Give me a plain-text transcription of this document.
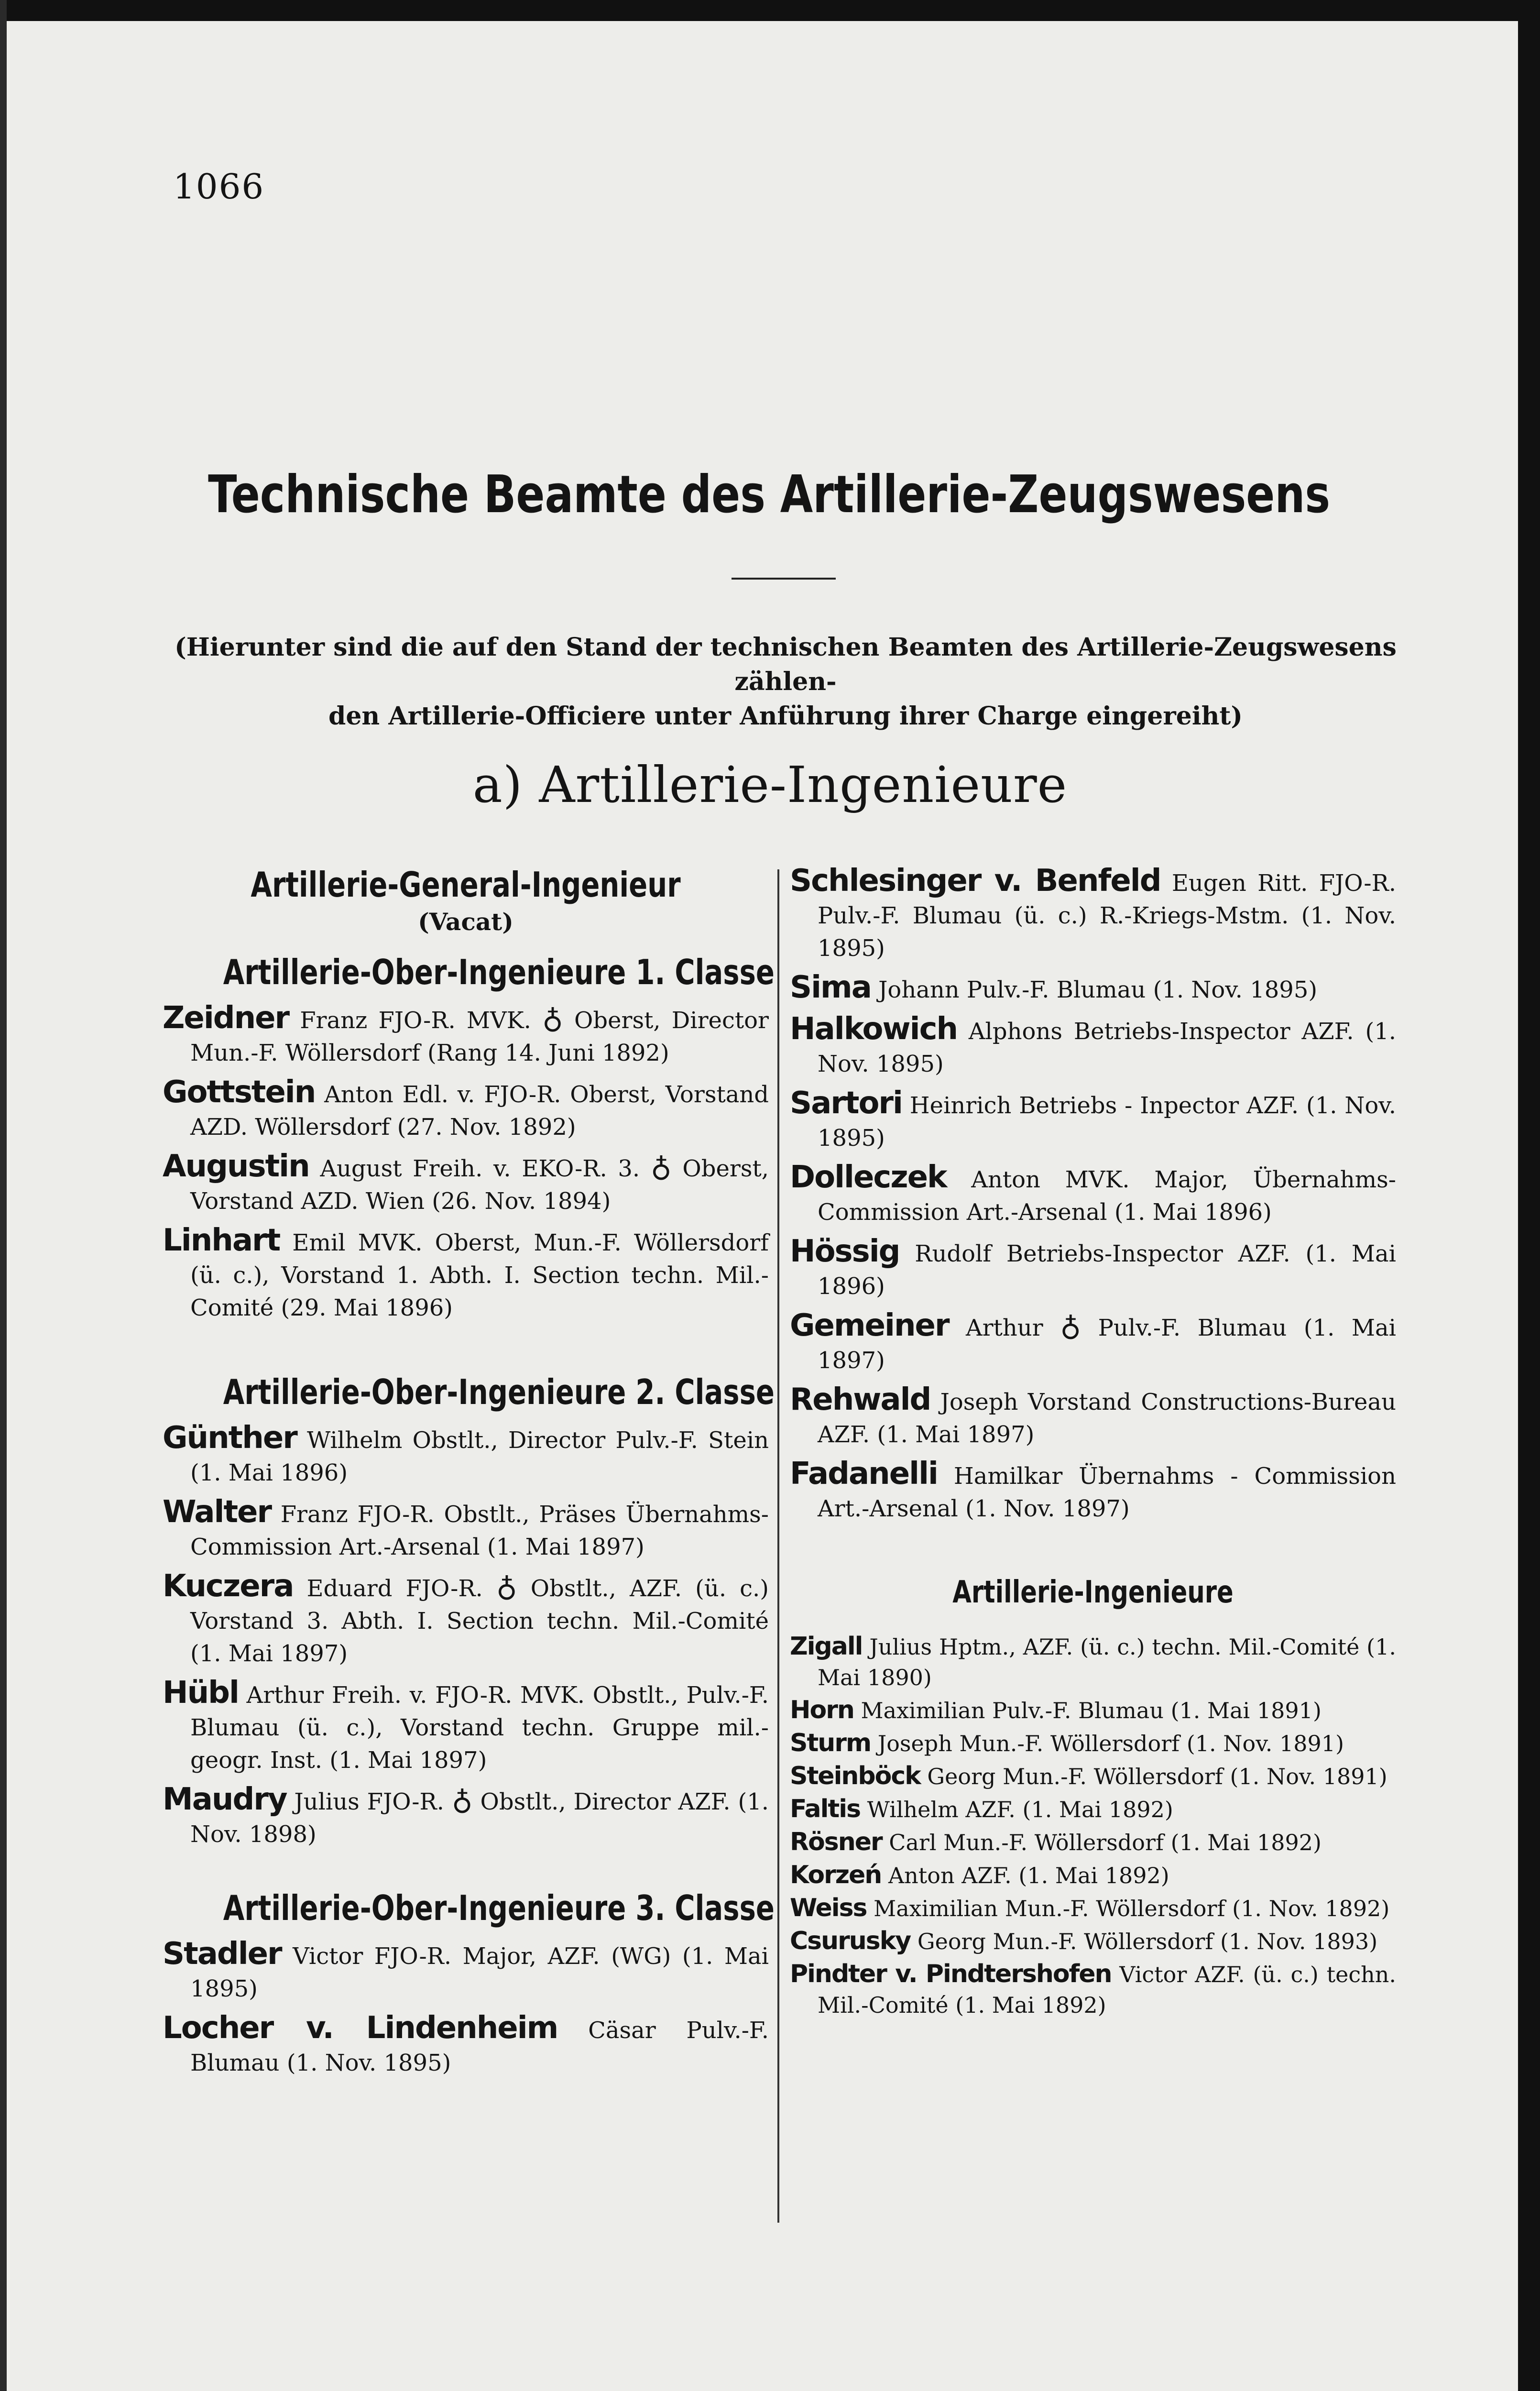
1066
Technische Beamte des Artillerie-Zeugswesens
(Hierunter sind die auf den Stand der technischen Beamten des Artillerie-Zeugswesens zählen-
den Artillerie-Officiere unter Anführung ihrer Charge eingereiht)
a) Artillerie-Ingenieure
Artillerie-General-Ingenieur
(Vacat)
Artillerie-Ober-Ingenieure 1. Classe

Zeidner Franz FJO-R. MVK. ♁ Oberst, Director Mun.-F. Wöllersdorf (Rang 14. Juni 1892)

Gottstein Anton Edl. v. FJO-R. Oberst, Vorstand AZD. Wöllersdorf (27. Nov. 1892)

Augustin August Freih. v. EKO-R. 3. ♁ Oberst, Vorstand AZD. Wien (26. Nov. 1894)

Linhart Emil MVK. Oberst, Mun.-F. Wöllersdorf (ü. c.), Vorstand 1. Abth. I. Section techn. Mil.-Comité (29. Mai 1896)

Artillerie-Ober-Ingenieure 2. Classe

Günther Wilhelm Obstlt., Director Pulv.-F. Stein (1. Mai 1896)

Walter Franz FJO-R. Obstlt., Präses Übernahms-Commission Art.-Arsenal (1. Mai 1897)

Kuczera Eduard FJO-R. ♁ Obstlt., AZF. (ü. c.) Vorstand 3. Abth. I. Section techn. Mil.-Comité (1. Mai 1897)

Hübl Arthur Freih. v. FJO-R. MVK. Obstlt., Pulv.-F. Blumau (ü. c.), Vorstand techn. Gruppe mil.-geogr. Inst. (1. Mai 1897)

Maudry Julius FJO-R. ♁ Obstlt., Director AZF. (1. Nov. 1898)

Artillerie-Ober-Ingenieure 3. Classe

Stadler Victor FJO-R. Major, AZF. (WG) (1. Mai 1895)

Locher v. Lindenheim Cäsar Pulv.-F. Blumau (1. Nov. 1895)

Schlesinger v. Benfeld Eugen Ritt. FJO-R. Pulv.-F. Blumau (ü. c.) R.-Kriegs-Mstm. (1. Nov. 1895)

Sima Johann Pulv.-F. Blumau (1. Nov. 1895)

Halkowich Alphons Betriebs-Inspector AZF. (1. Nov. 1895)

Sartori Heinrich Betriebs - Inpector AZF. (1. Nov. 1895)

Dolleczek Anton MVK. Major, Übernahms-Commission Art.-Arsenal (1. Mai 1896)

Hössig Rudolf Betriebs-Inspector AZF. (1. Mai 1896)

Gemeiner Arthur ♁ Pulv.-F. Blumau (1. Mai 1897)

Rehwald Joseph Vorstand Constructions-Bureau AZF. (1. Mai 1897)

Fadanelli Hamilkar Übernahms - Commission Art.-Arsenal (1. Nov. 1897)

Artillerie-Ingenieure

Zigall Julius Hptm., AZF. (ü. c.) techn. Mil.-Comité (1. Mai 1890)

Horn Maximilian Pulv.-F. Blumau (1. Mai 1891)

Sturm Joseph Mun.-F. Wöllersdorf (1. Nov. 1891)

Steinböck Georg Mun.-F. Wöllersdorf (1. Nov. 1891)

Faltis Wilhelm AZF. (1. Mai 1892)

Rösner Carl Mun.-F. Wöllersdorf (1. Mai 1892)

Korzeń Anton AZF. (1. Mai 1892)

Weiss Maximilian Mun.-F. Wöllersdorf (1. Nov. 1892)

Csurusky Georg Mun.-F. Wöllersdorf (1. Nov. 1893)

Pindter v. Pindtershofen Victor AZF. (ü. c.) techn. Mil.-Comité (1. Mai 1892)
